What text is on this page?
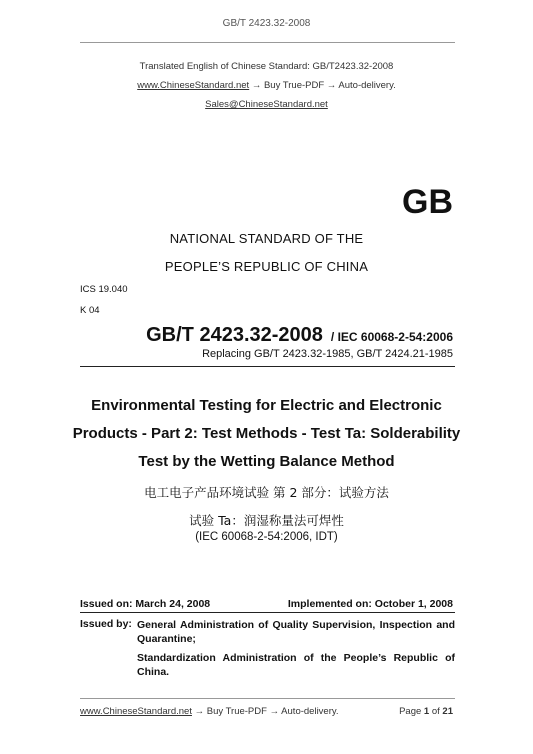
GB/T 2423.32-2008
Translated English of Chinese Standard: GB/T2423.32-2008
www.ChineseStandard.net → Buy True-PDF → Auto-delivery.
Sales@ChineseStandard.net
GB
NATIONAL STANDARD OF THE
PEOPLE’S REPUBLIC OF CHINA
ICS 19.040
K 04
GB/T 2423.32-2008 / IEC 60068-2-54:2006
Replacing GB/T 2423.32-1985, GB/T 2424.21-1985
Environmental Testing for Electric and Electronic
Products - Part 2: Test Methods - Test Ta: Solderability
Test by the Wetting Balance Method
电工电子产品环境试验 第 2 部分：试验方法
试验 Ta：润湿称量法可焊性
(IEC 60068-2-54:2006, IDT)
Issued on: March 24, 2008	Implemented on: October 1, 2008
Issued by: General Administration of Quality Supervision, Inspection and Quarantine;
Standardization Administration of the People’s Republic of China.
www.ChineseStandard.net → Buy True-PDF → Auto-delivery.	Page 1 of 21
